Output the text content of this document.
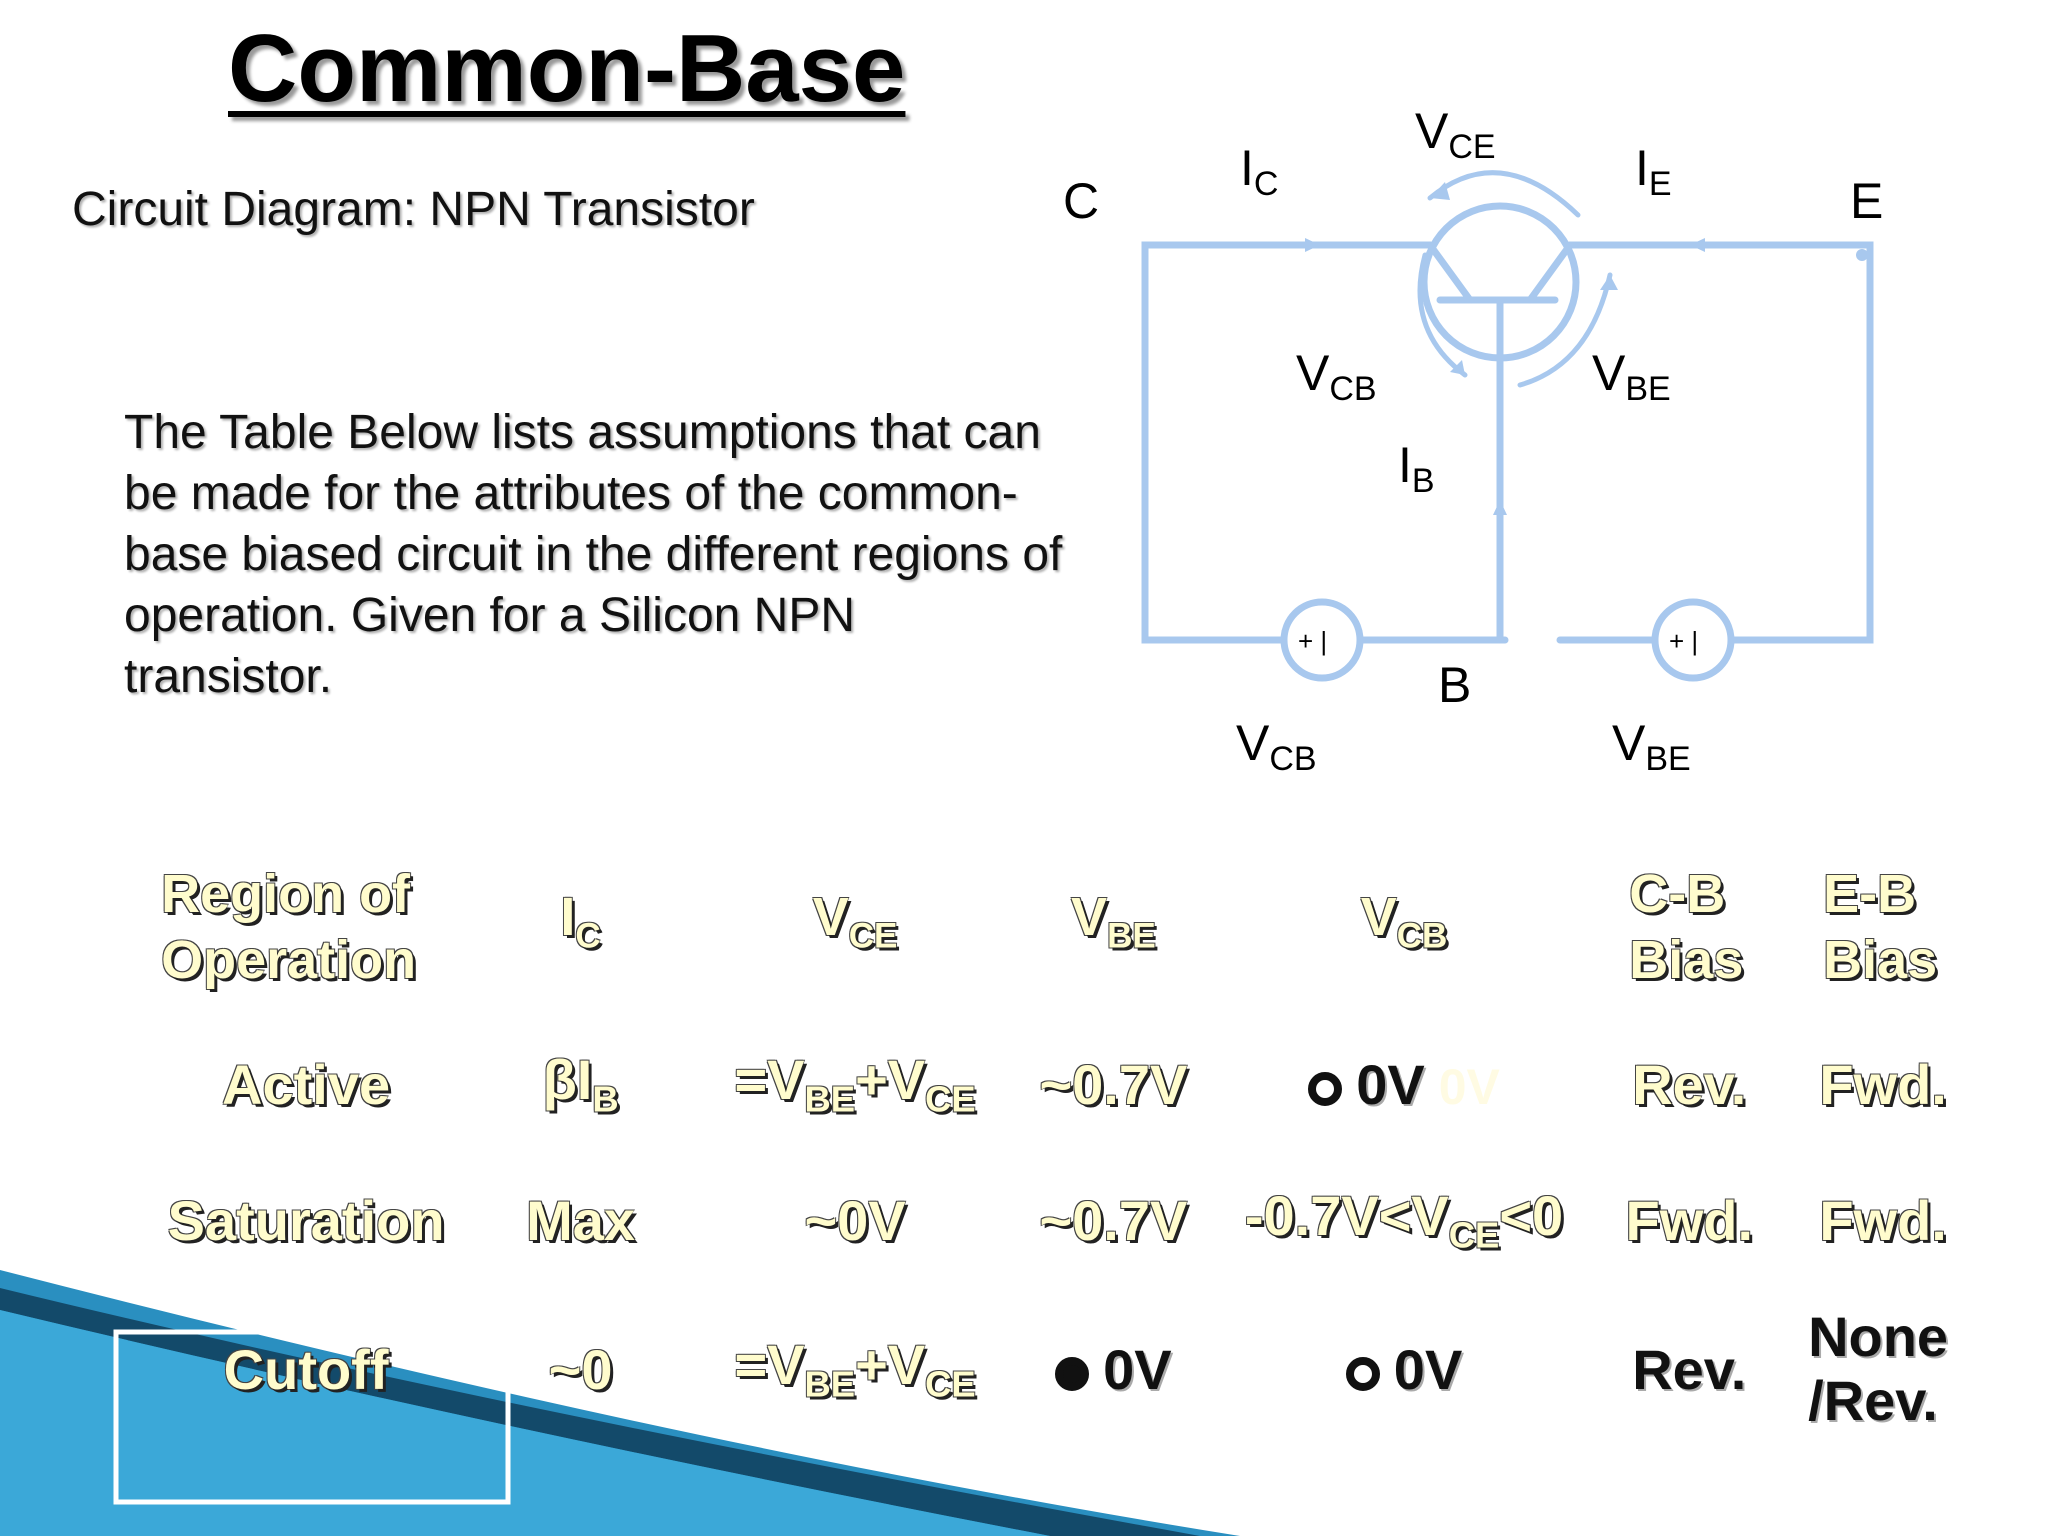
Common-Base
Circuit Diagram: NPN Transistor
The Table Below lists assumptions that can be made for the attributes of the common-base biased circuit in the different regions of operation. Given for a Silicon NPN transistor.
+ |	+ |
C	E
B
$I_C$	$I_E$
$V_{CE}$
$V_{CB}$	$V_{BE}$
$I_B$
$V_{CB}$	$V_{BE}$
Region of Operation	$I_C$	$V_{CE}$	$V_{BE}$	$V_{CB}$	C-B Bias	E-B Bias
Active	$\beta I_B$	$=V_{BE}+V_{CE}$	~0.7V	0V 0V	Rev.	Fwd.
Saturation	Max	~0V	~0.7V	$-0.7V<V_{CE}<0$	Fwd.	Fwd.
Cutoff	~0	$=V_{BE}+V_{CE}$	0V	0V	Rev.	None /Rev.
